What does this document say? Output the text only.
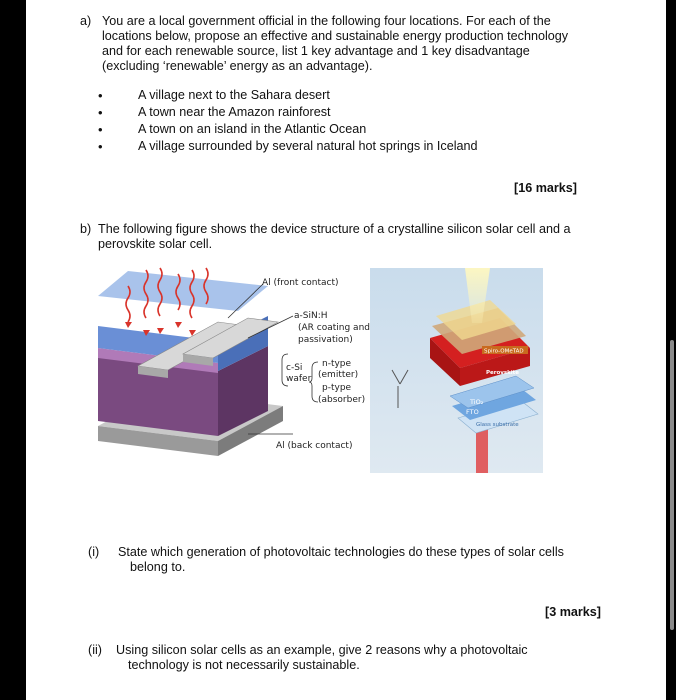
a) You are a local government official in the following four locations. For each of the
locations below, propose an effective and sustainable energy production technology
and for each renewable source, list 1 key advantage and 1 key disadvantage
(excluding ‘renewable’ energy as an advantage).
•	A village next to the Sahara desert
•	A town near the Amazon rainforest
•	A town on an island in the Atlantic Ocean
•	A village surrounded by several natural hot springs in Iceland
[16 marks]
b) The following figure shows the device structure of a crystalline silicon solar cell and a
perovskite solar cell.
Al (front contact)
a-SiN:H
(AR coating and
passivation)
c-Si
wafer
n-type
(emitter)
p-type
(absorber)
Al (back contact)
Spiro-OMeTAD
Perovskite
TiO₂
FTO
Glass substrate
(i) State which generation of photovoltaic technologies do these types of solar cells
belong to.
[3 marks]
(ii) Using silicon solar cells as an example, give 2 reasons why a photovoltaic
technology is not necessarily sustainable.
